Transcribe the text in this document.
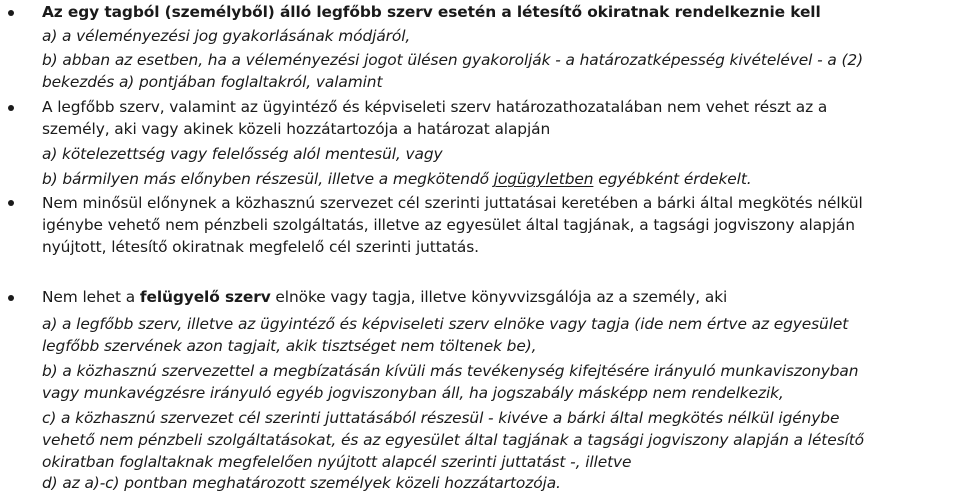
Az egy tagból (személyből) álló legfőbb szerv esetén a létesítő okiratnak rendelkeznie kell
a) a véleményezési jog gyakorlásának módjáról,
b) abban az esetben, ha a véleményezési jogot ülésen gyakorolják - a határozatképesség kivételével - a (2)
bekezdés a) pontjában foglaltakról, valamint
A legfőbb szerv, valamint az ügyintéző és képviseleti szerv határozathozatalában nem vehet részt az a
személy, aki vagy akinek közeli hozzátartozója a határozat alapján
a) kötelezettség vagy felelősség alól mentesül, vagy
b) bármilyen más előnyben részesül, illetve a megkötendő jogügyletben egyébként érdekelt.
Nem minősül előnynek a közhasznú szervezet cél szerinti juttatásai keretében a bárki által megkötés nélkül
igénybe vehető nem pénzbeli szolgáltatás, illetve az egyesület által tagjának, a tagsági jogviszony alapján
nyújtott, létesítő okiratnak megfelelő cél szerinti juttatás.
Nem lehet a felügyelő szerv elnöke vagy tagja, illetve könyvvizsgálója az a személy, aki
a) a legfőbb szerv, illetve az ügyintéző és képviseleti szerv elnöke vagy tagja (ide nem értve az egyesület
legfőbb szervének azon tagjait, akik tisztséget nem töltenek be),
b) a közhasznú szervezettel a megbízatásán kívüli más tevékenység kifejtésére irányuló munkaviszonyban
vagy munkavégzésre irányuló egyéb jogviszonyban áll, ha jogszabály másképp nem rendelkezik,
c) a közhasznú szervezet cél szerinti juttatásából részesül - kivéve a bárki által megkötés nélkül igénybe
vehető nem pénzbeli szolgáltatásokat, és az egyesület által tagjának a tagsági jogviszony alapján a létesítő
okiratban foglaltaknak megfelelően nyújtott alapcél szerinti juttatást -, illetve
d) az a)-c) pontban meghatározott személyek közeli hozzátartozója.
